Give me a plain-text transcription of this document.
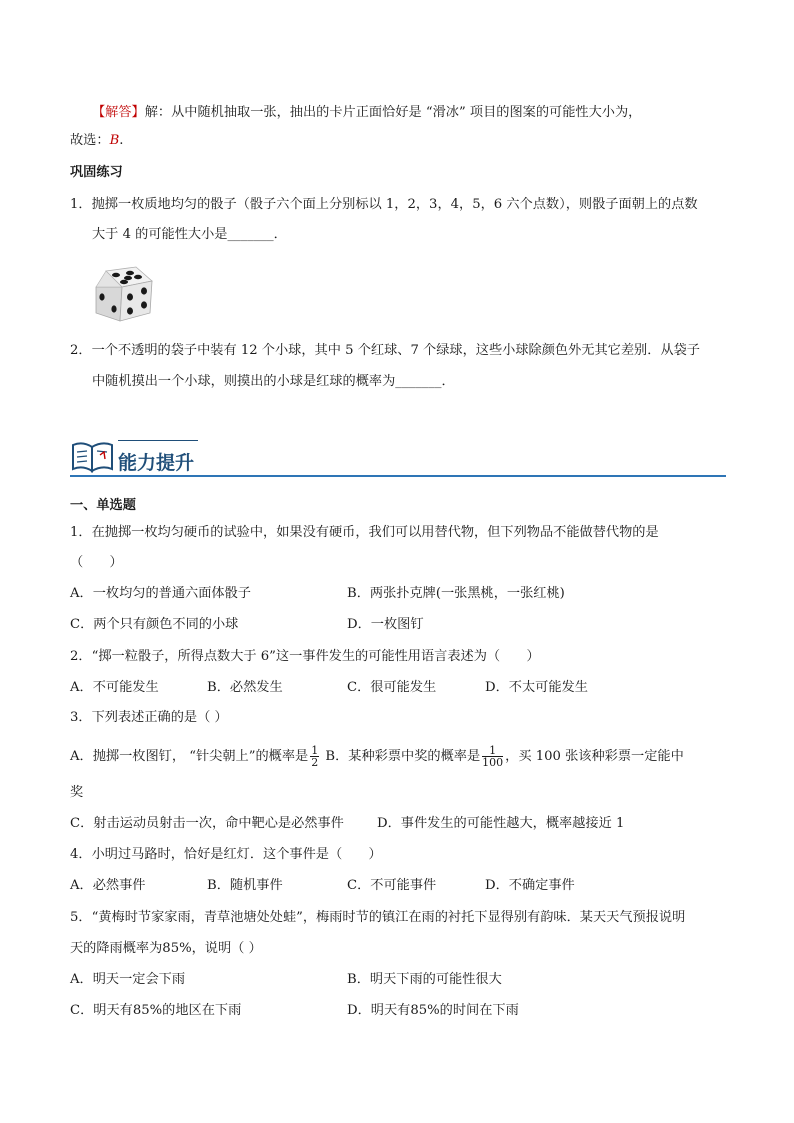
【解答】解：从中随机抽取一张，抽出的卡片正面恰好是 “滑冰” 项目的图案的可能性大小为，
故选：B.
巩固练习
1．抛掷一枚质地均匀的骰子（骰子六个面上分别标以 1，2，3，4，5，6 六个点数），则骰子面朝上的点数
大于 4 的可能性大小是_______．
2．一个不透明的袋子中装有 12 个小球，其中 5 个红球、7 个绿球，这些小球除颜色外无其它差别．从袋子
中随机摸出一个小球，则摸出的小球是红球的概率为_______．
能力提升
一、单选题
1．在抛掷一枚均匀硬币的试验中，如果没有硬币，我们可以用替代物，但下列物品不能做替代物的是
（　　）
A．一枚均匀的普通六面体骰子	B．两张扑克牌(一张黑桃，一张红桃)
C．两个只有颜色不同的小球	D．一枚图钉
2．“掷一粒骰子，所得点数大于 6”这一事件发生的可能性用语言表述为（　　）
A．不可能发生	B．必然发生	C．很可能发生	D．不太可能发生
3．下列表述正确的是（ ）
A．抛掷一枚图钉， “针尖朝上”的概率是 $\frac{1}{2}$ B．某种彩票中奖的概率是 $\frac{1}{100}$ ，买 100 张该种彩票一定能中
奖
C．射击运动员射击一次，命中靶心是必然事件	D．事件发生的可能性越大，概率越接近 1
4．小明过马路时，恰好是红灯．这个事件是（　　）
A．必然事件	B．随机事件	C．不可能事件	D．不确定事件
5．“黄梅时节家家雨，青草池塘处处蛙”，梅雨时节的镇江在雨的衬托下显得别有韵味．某天天气预报说明
天的降雨概率为85%，说明（ ）
A．明天一定会下雨	B．明天下雨的可能性很大
C．明天有85%的地区在下雨	D．明天有85%的时间在下雨
